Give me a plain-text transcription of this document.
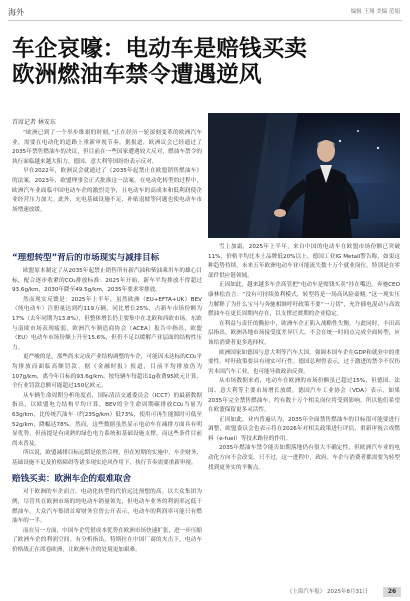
海外	编辑 王翔 美编 范娟
车企哀嚎：电动车是赔钱买卖
欧洲燃油车禁令遭遇逆风
首席记者 林安东

“欧洲已到了一个举步维艰的时刻。”正在经历一轮深刻变革的欧洲汽车业，需要在电动化的道路上重新审视节奏。据报道，欧洲议会已经通过了2035年禁售燃油车的决议，但目前在一些国家遭遇较大反对，燃油车禁令的执行面临越来越大阻力，德国、意大利等国纷纷表示反对。

早在2022年，欧洲议会就通过了《2035年起禁止在欧盟销售燃油车》的法案。2023年，欧盟理事会正式批准这一法案。在电动化转型的过程中，欧洲汽车业面临中国电动车企的激烈竞争，且电动车的高成本和低利润使企业经营压力加大。此外，充电基础设施不足、补贴退坡等问题也使电动车市场增速放缓。

“理想转型”背后的市场现实与减排目标

欧盟原本制定了从2035年起禁止销售所有新汽油和柴油乘用车的雄心目标，配合逐步收紧的CO₂排放标准：2025年开始，新车平均排放不得超过93.6g/km，2030年降至49.5g/km，2035年要求零排放。

然而现实反馈是：2025年上半年，虽然欧洲（EU+EFTA+UK）BEV（纯电动车）注册量达到约119万辆，同比增长25%，占新车市场份额为17%（去年同期为13.8%），但整体增长仍主要集中在北欧和西欧市场。东欧与南欧市场表现疲弱，欧洲汽车制造商协会（ACEA）报告中指出，欧盟（EU）电动车市场份额上升至15.6%，但仍不足以缓解产业层面的结构性压力。

更严峻的是，那些尚未完成产业结构调整的车企，可能因未达标的CO₂平均排放而面临高额罚款。据《金融时报》报道，目前平均排放仍为107g/km，离今年目标的93.6g/km、按每辆车每超出1g收费95欧元计算，全行业罚款总额可能超过150亿欧元。

从车辆生命周期分析角度看，国际清洁交通委员会（ICCT）的最新数据指出，以欧盟电力结构平均计算，BEV的全生命周期碳排放CO₂当量为63g/km，比传统汽油车（约235g/km）低73%，使用可再生能源时可低至52g/km，降幅达78%。然而，这些数据虽然显示电动车在减排方面具有明显优势，但前提是有成熟的绿色电力系统和基础设施支撑，而这些条件目前尚未普及。

所以说，欧盟减排目标远期是依然合理，但在短期的实施中，车企财务、基础设施不足及价格障碍等诸多现实逆风作用下，执行节奏需要重新审视。

赔钱买卖：欧洲车企的艰难取舍

对于欧洲的车企而言，电动化转型的代价远比预想的高。以大众集团为例，尽管其在欧洲市场的纯电动车销量领先，但电动车业务的利润率远低于燃油车。大众汽车集团首席财务官曾公开表示，电动车的利润率可能只有燃油车的一半。

而在另一方面，中国车企凭借成本优势在欧洲市场快速扩张，进一步压缩了欧洲车企的利润空间。有分析指出，特斯拉在中国厂商的夹击下，电动车价格战正在席卷欧洲，让欧洲车企的处境更加艰难。

雪上加霜，2025年上半年，来自中国的电动车在欧盟市场份额已突破11%，价格平均比本土品牌低20%以上。德国工业IG Metall警告称，如果这种趋势持续，未来五年欧洲电动车业可能流失数十万个就业岗位，特别是在零部件供应链领域。

正因如此，越来越多车企高管把“电动车是赔钱买卖”挂在嘴边。奔驰CEO康林松直言：“没有可持续盈利模式，转型将是一场高风险豪赌。”这一现实压力解释了为什么宝马与奔驰相继呼吁政策不要“一刀切”，允许插电混动与高效燃油车在更长周期内存在，以支撑过渡期的企业稳定。

在利益与责任的撕扯中，欧洲车企正陷入战略性失衡，与此同时，丰田高层指出，欧洲各地市场接受度差异巨大，不会在统一时间点完成全面转型，应该给消费者更多选择权。

欧洲国家如德国与意大利等汽车大国，强调本国车企在GDP和就业中的重要性。呼吁政策要具有现实可行性。德国总理曾表示，过于激进的禁令不仅伤害本国汽车工业，也可能导致政治反弹。

从市场数据来看，电动车在欧洲的市场份额虽已超过15%，但德国、法国、意大利等主要市场增长放缓，德国汽车工业协会（VDA）表示，如果2035年完全禁售燃油车，约有数十万个相关岗位将受到影响，所以他们希望在欧盟保留更多灵活性。

正因如此，业内普遍认为，2035年全面禁售燃油车的目标很可能要进行调整，欧盟委员会也表示将在2026年对相关政策进行评估，重新审视合成燃料（e-fuel）等技术路径的作用。

2035年燃油车禁令能否如期落地仍有很大不确定性，但欧洲汽车业的电动化方向不会改变。只不过，这一进程中，政府、车企与消费者都需要为转型找到更务实的平衡点。

《上海汽车报》 2025年8月31日	26
